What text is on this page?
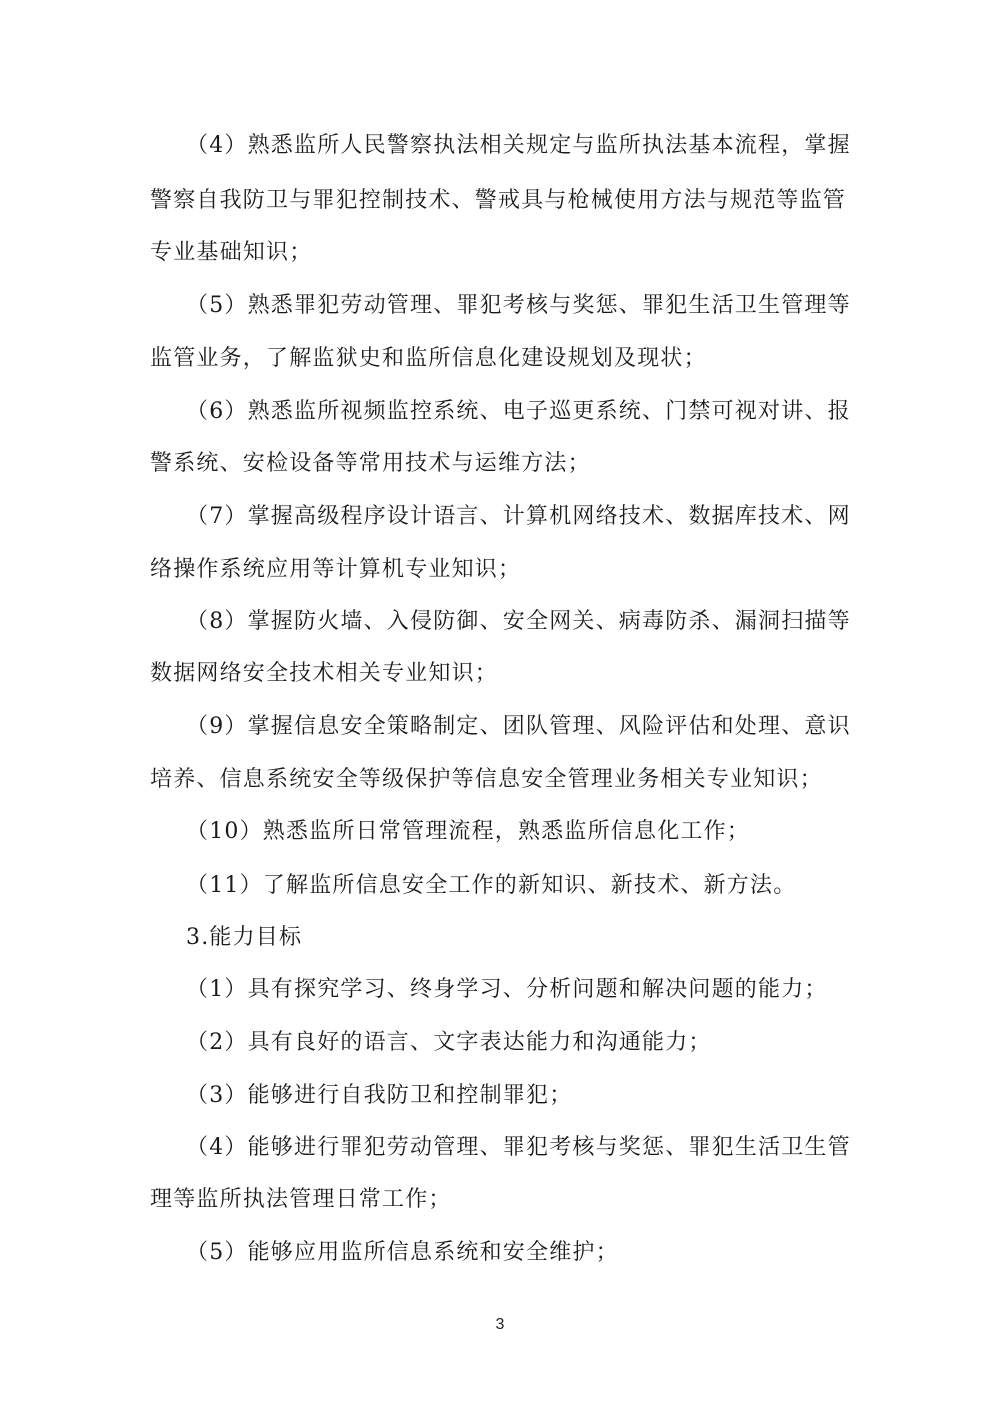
（4）熟悉监所人民警察执法相关规定与监所执法基本流程，掌握
警察自我防卫与罪犯控制技术、警戒具与枪械使用方法与规范等监管
专业基础知识；
（5）熟悉罪犯劳动管理、罪犯考核与奖惩、罪犯生活卫生管理等
监管业务，了解监狱史和监所信息化建设规划及现状；
（6）熟悉监所视频监控系统、电子巡更系统、门禁可视对讲、报
警系统、安检设备等常用技术与运维方法；
（7）掌握高级程序设计语言、计算机网络技术、数据库技术、网
络操作系统应用等计算机专业知识；
（8）掌握防火墙、入侵防御、安全网关、病毒防杀、漏洞扫描等
数据网络安全技术相关专业知识；
（9）掌握信息安全策略制定、团队管理、风险评估和处理、意识
培养、信息系统安全等级保护等信息安全管理业务相关专业知识；
（10）熟悉监所日常管理流程，熟悉监所信息化工作；
（11）了解监所信息安全工作的新知识、新技术、新方法。
3.能力目标
（1）具有探究学习、终身学习、分析问题和解决问题的能力；
（2）具有良好的语言、文字表达能力和沟通能力；
（3）能够进行自我防卫和控制罪犯；
（4）能够进行罪犯劳动管理、罪犯考核与奖惩、罪犯生活卫生管
理等监所执法管理日常工作；
（5）能够应用监所信息系统和安全维护；
3
